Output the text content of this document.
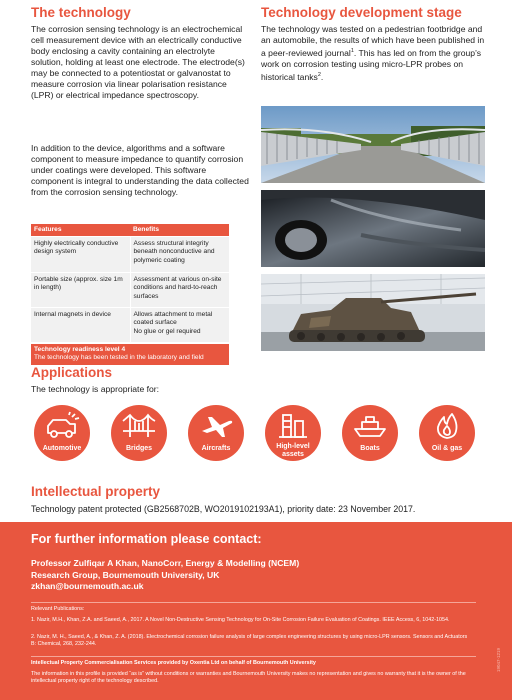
The technology

The corrosion sensing technology is an electrochemical cell measurement device with an electrically conductive body enclosing a cavity containing an electrolyte solution, holding at least one electrode. The electrode(s) may be connected to a potentiostat or galvanostat to measure corrosion via linear polarisation resistance (LPR) or electrical impedance spectroscopy.

In addition to the device, algorithms and a software component to measure impedance to quantify corrosion under coatings were developed. This software component is integral to understanding the data collected from the corrosion sensing technology.

Features	Benefits
Highly electrically conductive design system	Assess structural integrity beneath nonconductive and polymeric coating
Portable size (approx. size 1m in length)	Assessment at various on-site conditions and hard-to-reach surfaces
Internal magnets in device	Allows attachment to metal coated surface
No glue or gel required
Technology readiness level 4
The technology has been tested in the laboratory and field
Technology development stage

The technology was tested on a pedestrian footbridge and an automobile, the results of which have been published in a peer-reviewed journal$^1$. This has led on from the group’s work on corrosion testing using micro-LPR probes on historical tanks$^2$.

Applications

The technology is appropriate for:

Automotive	Bridges	Aircrafts	High-level assets
Boats	Oil & gas
Intellectual property

Technology patent protected (GB2568702B, WO2019102193A1), priority date: 23 November 2017.

For further information please contact:
Professor Zulfiqar A Khan, NanoCorr, Energy & Modelling (NCEM)
Research Group, Bournemouth University, UK
zkhan@bournemouth.ac.uk
Relevant Publications:
1. Nazir, M.H., Khan, Z.A. and Saeed, A., 2017. A Novel Non-Destructive Sensing Technology for On-Site Corrosion Failure Evaluation of Coatings. IEEE Access, 6, 1042-1054.
2. Nazir, M. H., Saeed, A., & Khan, Z. A. (2018). Electrochemical corrosion failure analysis of large complex engineering structures by using micro-LPR sensors. Sensors and Actuators B: Chemical, 268, 232-244.
Intellectual Property Commercialisation Services provided by Oxentia Ltd on behalf of Bournemouth University
The information in this profile is provided “as is” without conditions or warranties and Bournemouth University makes no representation and gives no warranty that it is the owner of the intellectual property right of the technology described.
19047-1219
